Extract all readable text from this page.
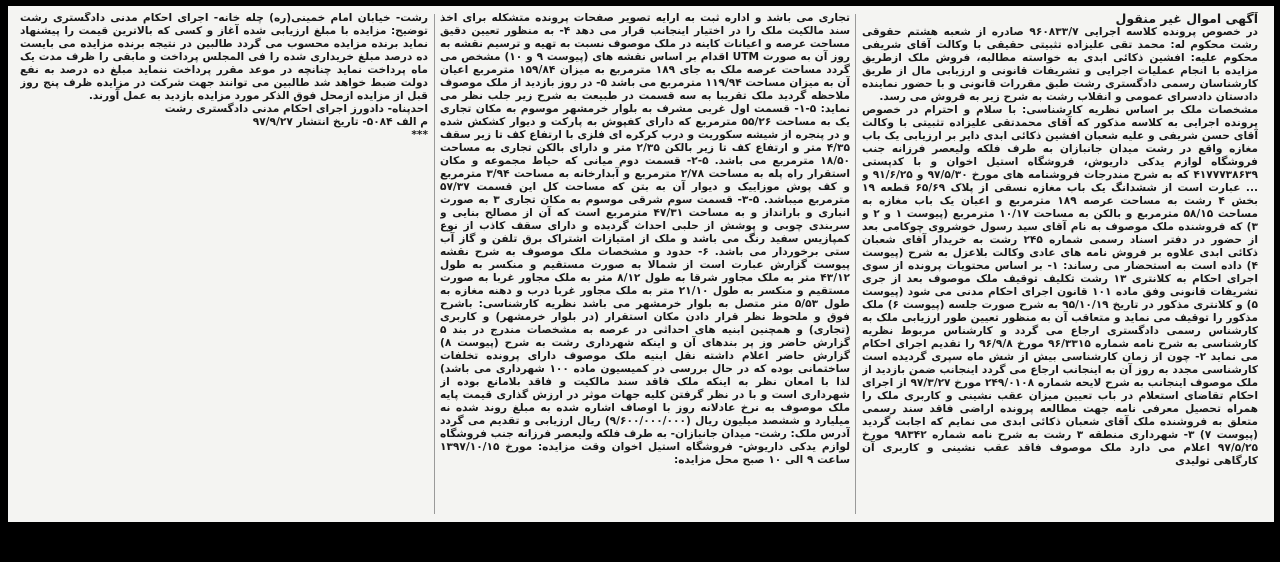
آگهی اموال غیر منقول

در خصوص پرونده کلاسه اجرایی ۹۶۰۸۳۳/۷ صادره از شعبه هشتم حقوقی رشت محکوم له: محمد تقی علیزاده تثبیتی حقیقی با وکالت آقای شریفی محکوم علیه: افشین ذکائی ابدی به خواسته مطالبه، فروش ملک ازطریق مزایده با انجام عملیات اجرایی و تشریفات قانونی و ارزیابی مال از طریق کارشناسان رسمی دادگستری رشت طبق مقررات قانونی و با حضور نماینده دادستان دادسرای عمومی و انقلاب رشت به شرح زیر به فروش می رسد.

مشخصات ملک بر اساس نظریه کارشناسی: با سلام و احترام در خصوص پرونده اجرایی به کلاسه مذکور که آقای محمدتقی علیزاده تثبیتی با وکالت آقای حسن شریفی و علیه شعبان افشین ذکائی ابدی دایر بر ارزیابی یک باب مغازه واقع در رشت میدان جانبازان به طرف فلکه ولیعصر فرزانه جنب فروشگاه لوازم یدکی داریوش، فروشگاه استیل اخوان و با کدپستی ۴۱۷۷۷۳۸۶۳۹ که به شرح مندرجات فروشنامه های مورخ ۹۷/۵/۳۰ و ۹۱/۶/۲۵ و ... عبارت است از ششدانگ یک باب مغازه نسقی از پلاک ۶۵/۶۹ قطعه ۱۹ بخش ۴ رشت به مساحت عرصه ۱۸۹ مترمربع و اعیان یک باب مغازه به مساحت ۵۸/۱۵ مترمربع و بالکن به مساحت ۱۰/۱۷ مترمربع (پیوست ۱ و ۲ و ۳) که فروشنده ملک موصوف به نام آقای سید رسول خوشروی چوکامی بعد از حضور در دفتر اسناد رسمی شماره ۲۴۵ رشت به خریدار آقای شعبان ذکائی ابدی علاوه بر فروش نامه های عادی وکالت بلاعزل به شرح (پیوست ۴) داده است به استحضار می رساند: ۱- بر اساس محتویات پرونده از سوی اجرای احکام به کلانتری ۱۳ رشت تکلیف توقیف ملک موصوف بعد از جری تشریفات قانونی وفق ماده ۱۰۱ قانون اجرای احکام مدنی می شود (پیوست ۵) و کلانتری مذکور در تاریخ ۹۵/۱۰/۱۹ به شرح صورت جلسه (پیوست ۶) ملک مذکور را توقیف می نماید و متعاقب آن به منظور تعیین طور ارزیابی ملک به کارشناس رسمی دادگستری ارجاع می گردد و کارشناس مربوط نظریه کارشناسی به شرح نامه شماره ۹۶/۳۳۱۵ مورخ ۹۶/۹/۸ را تقدیم اجرای احکام می نماید ۲- چون از زمان کارشناسی بیش از شش ماه سپری گردیده است کارشناسی مجدد به روز آن به اینجانب ارجاع می گردد اینجانب ضمن بازدید از ملک موصوف اینجانب به شرح لایحه شماره ۲۴۹/۰۱۰۸ مورخ ۹۷/۳/۲۷ از اجرای احکام تقاضای استعلام در باب تعیین میزان عقب نشینی و کاربری ملک را همراه تحصیل معرفی نامه جهت مطالعه پرونده اراضی فاقد سند رسمی متعلق به فروشنده ملک آقای شعبان ذکائی ابدی می نمایم که اجابت گردید (پیوست ۷) ۳- شهرداری منطقه ۳ رشت به شرح نامه شماره ۹۸۳۴۲ مورخ ۹۷/۵/۲۵ اعلام می دارد ملک موصوف فاقد عقب نشینی و کاربری آن کارگاهی تولیدی

تجاری می باشد و اداره ثبت به ارایه تصویر صفحات پرونده متشکله برای اخذ سند مالکیت ملک را در اختیار اینجانب قرار می دهد ۴- به منظور تعیین دقیق مساحت عرصه و اعیانات کاینه در ملک موصوف نسبت به تهیه و ترسیم نقشه به روز آن به صورت UTM اقدام بر اساس نقشه های (پیوست ۹ و ۱۰) مشخص می گردد مساحت عرصه ملک به جای ۱۸۹ مترمربع به میزان ۱۵۹/۸۴ مترمربع اعیان آن به میزان مساحت ۱۱۹/۹۴ مترمربع می باشد ۵- در روز بازدید از ملک موصوف ملاحظه گردید ملک تقریبا به سه قسمت در طبیعت به شرح زیر جلب نظر می نماید: ۵-۱- قسمت اول غربی مشرف به بلوار خرمشهر موسوم به مکان تجاری یک به مساحت ۵۵/۲۶ مترمربع که دارای کفپوش به پارکت و دیوار کشکش شده و در پنجره از شیشه سکوریت و درب کرکره ای فلزی با ارتفاع کف تا زیر سقف ۴/۳۵ متر و ارتفاع کف تا زیر بالکن ۲/۳۵ متر و دارای بالکن تجاری به مساحت ۱۸/۵۰ مترمربع می باشد. ۵-۲- قسمت دوم میانی که حیاط مجموعه و مکان استقرار راه پله به مساحت ۲/۷۸ مترمربع و آبدارخانه به مساحت ۳/۹۴ مترمربع و کف پوش موزاییک و دیوار آن به بتن که مساحت کل این قسمت ۵۷/۳۷ مترمربع میباشد. ۵-۳- قسمت سوم شرقی موسوم به مکان تجاری ۳ به صورت انباری و بارانداز و به مساحت ۴۷/۳۱ مترمربع است که آن از مصالح بنایی و سربندی چوبی و پوشش از حلبی احداث گردیده و دارای سقف کاذب از نوع کمپازیس سفید رنگ می باشد و ملک از امتیازات اشتراک برق تلفن و گاز آب ستی برخوردار می باشد. ۶- حدود و مشخصات ملک موصوف به شرح نقشه پیوست گزارش عبارت است از شمالا به صورت مستقیم و منکسر به طول ۴۳/۱۲ متر به ملک مجاور شرقا به طول ۸/۱۲ متر به ملک مجاور غربا به صورت مستقیم و منکسر به طول ۲۱/۱۰ متر به ملک مجاور غربا درب و دهنه مغازه به طول ۵/۵۳ متر متصل به بلوار خرمشهر می باشد نظریه کارشناسی: باشرح فوق و ملحوظ نظر قرار دادن مکان استقرار (در بلوار خرمشهر) و کاربری (تجاری) و همچنین ابنیه های احداثی در عرصه به مشخصات مندرج در بند ۵ گزارش حاضر وز پر بندهای آن و اینکه شهرداری رشت به شرح (پیوست ۸) گزارش حاضر اعلام داشته نقل ابنیه ملک موصوف دارای پرونده تخلفات ساختمانی بوده که در حال بررسی در کمیسیون ماده ۱۰۰ شهرداری می باشد) لذا با امعان نظر به اینکه ملک فاقد سند مالکیت و فاقد بلامانع بوده از شهرداری است و با در نظر گرفتن کلیه جهات موثر در ارزش گذاری قیمت پایه ملک موصوف به نرخ عادلانه روز با اوصاف اشاره شده به مبلغ روند شده نه میلیارد و ششصد میلیون ریال (۹/۶۰۰/۰۰۰/۰۰۰) ریال ارزیابی و تقدیم می گردد آدرس ملک: رشت- میدان جانبازان- به طرف فلکه ولیعصر فرزانه جنب فروشگاه لوازم یدکی داریوش- فروشگاه استیل اخوان وقت مزایده: مورخ ۱۳۹۷/۱۰/۱۵ ساعت ۹ الی ۱۰ صبح محل مزایده:

رشت- خیابان امام خمینی(ره) چله خانه- اجرای احکام مدنی دادگستری رشت توضیح: مزایده با مبلغ ارزیابی شده آغاز و کسی که بالاترین قیمت را پیشنهاد نماید برنده مزایده محسوب می گردد طالبین در نتیجه برنده مزایده می بایست ده درصد مبلغ خریداری شده را فی المجلس پرداخت و مابقی را ظرف مدت یک ماه پرداخت نماید چنانچه در موعد مقرر پرداخت ننماید مبلغ ده درصد به نفع دولت ضبط خواهد شد طالبین می توانند جهت شرکت در مزایده ظرف پنج روز قبل از مزایده ازمحل فوق الذکر مورد مزایده بازدید به عمل آورند.

احدپناه- دادورز اجرای احکام مدنی دادگستری رشت

م الف ۵۰۸۴- تاریخ انتشار ۹۷/۹/۲۷

***
